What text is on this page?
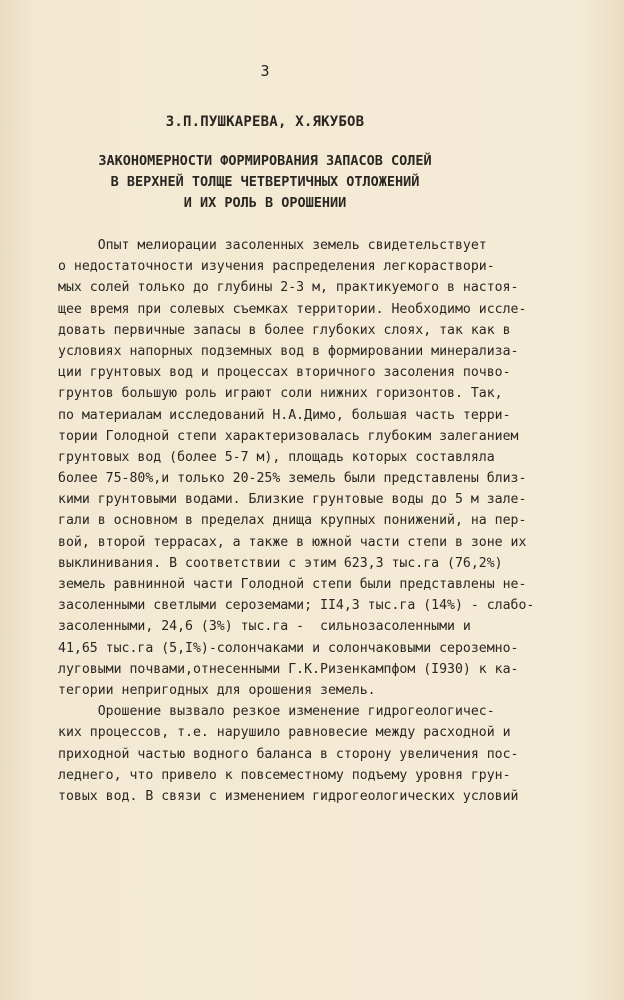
3
З.П.ПУШКАРЕВА, Х.ЯКУБОВ
ЗАКОНОМЕРНОСТИ ФОРМИРОВАНИЯ ЗАПАСОВ СОЛЕЙ
В ВЕРХНЕЙ ТОЛЩЕ ЧЕТВЕРТИЧНЫХ ОТЛОЖЕНИЙ
И ИХ РОЛЬ В ОРОШЕНИИ
Опыт мелиорации засоленных земель свидетельствует
о недостаточности изучения распределения легкораствори-
мых солей только до глубины 2-3 м, практикуемого в настоя-
щее время при солевых съемках территории. Необходимо иссле-
довать первичные запасы в более глубоких слоях, так как в
условиях напорных подземных вод в формировании минерализа-
ции грунтовых вод и процессах вторичного засоления почво-
грунтов большую роль играют соли нижних горизонтов. Так,
по материалам исследований Н.А.Димо, большая часть терри-
тории Голодной степи характеризовалась глубоким залеганием
грунтовых вод (более 5-7 м), площадь которых составляла
более 75-80%,и только 20-25% земель были представлены близ-
кими грунтовыми водами. Близкие грунтовые воды до 5 м зале-
гали в основном в пределах днища крупных понижений, на пер-
вой, второй террасах, а также в южной части степи в зоне их
выклинивания. В соответствии с этим 623,3 тыс.га (76,2%)
земель равнинной части Голодной степи были представлены не-
засоленными светлыми сероземами; II4,3 тыс.га (14%) - слабо-
засоленными, 24,6 (3%) тыс.га -  сильнозасоленными и
41,65 тыс.га (5,I%)-солончаками и солончаковыми сероземно-
луговыми почвами,отнесенными Г.К.Ризенкампфом (I930) к ка-
тегории непригодных для орошения земель.
Орошение вызвало резкое изменение гидрогеологичес-
ких процессов, т.е. нарушило равновесие между расходной и
приходной частью водного баланса в сторону увеличения пос-
леднего, что привело к повсеместному подъему уровня грун-
товых вод. В связи с изменением гидрогеологических условий
